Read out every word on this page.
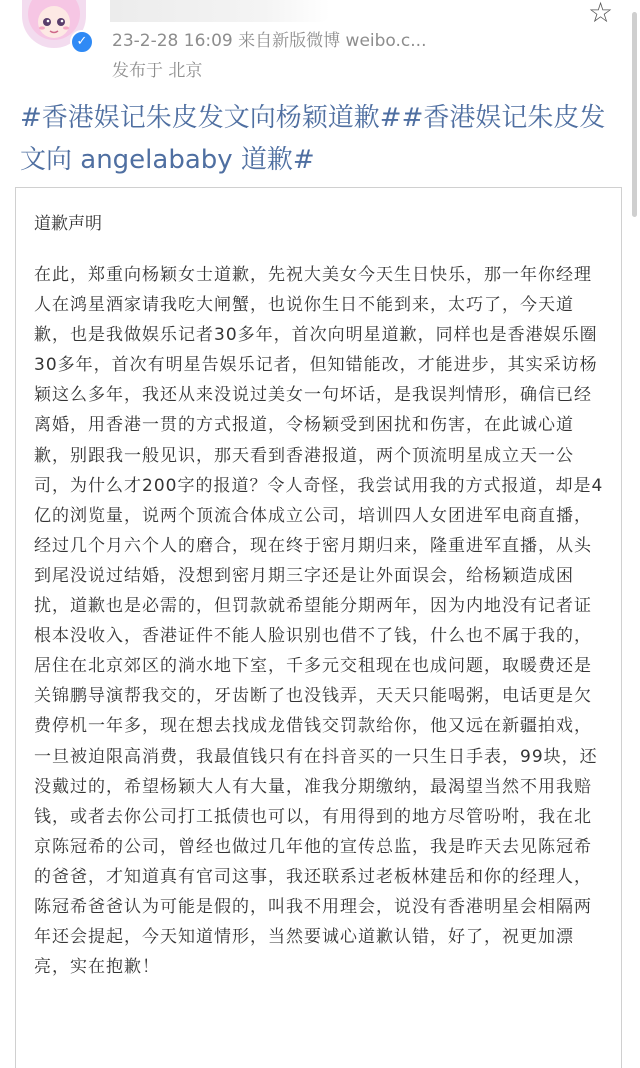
✓
☆
23-2-28 16:09 来自新版微博 weibo.c...
发布于 北京
#香港娱记朱皮发文向杨颖道歉##香港娱记朱皮发文向 angelababy 道歉#
道歉声明
在此，郑重向杨颖女士道歉，先祝大美女今天生日快乐，那一年你经理人在鸿星酒家请我吃大闸蟹，也说你生日不能到来，太巧了，今天道歉，也是我做娱乐记者30多年，首次向明星道歉，同样也是香港娱乐圈30多年，首次有明星告娱乐记者，但知错能改，才能进步，其实采访杨颖这么多年，我还从来没说过美女一句坏话，是我误判情形，确信已经离婚，用香港一贯的方式报道，令杨颖受到困扰和伤害，在此诚心道歉，别跟我一般见识，那天看到香港报道，两个顶流明星成立天一公司，为什么才200字的报道？令人奇怪，我尝试用我的方式报道，却是4亿的浏览量，说两个顶流合体成立公司，培训四人女团进军电商直播，经过几个月六个人的磨合，现在终于密月期归来，隆重进军直播，从头到尾没说过结婚，没想到密月期三字还是让外面误会，给杨颖造成困扰，道歉也是必需的，但罚款就希望能分期两年，因为内地没有记者证根本没收入，香港证件不能人脸识别也借不了钱，什么也不属于我的，居住在北京郊区的淌水地下室，千多元交租现在也成问题，取暖费还是关锦鹏导演帮我交的，牙齿断了也没钱弄，天天只能喝粥，电话更是欠费停机一年多，现在想去找成龙借钱交罚款给你，他又远在新疆拍戏，一旦被迫限高消费，我最值钱只有在抖音买的一只生日手表，99块，还没戴过的，希望杨颖大人有大量，准我分期缴纳，最渴望当然不用我赔钱，或者去你公司打工抵债也可以，有用得到的地方尽管吩咐，我在北京陈冠希的公司，曾经也做过几年他的宣传总监，我是昨天去见陈冠希的爸爸，才知道真有官司这事，我还联系过老板林建岳和你的经理人，陈冠希爸爸认为可能是假的，叫我不用理会，说没有香港明星会相隔两年还会提起，今天知道情形，当然要诚心道歉认错，好了，祝更加漂亮，实在抱歉！
